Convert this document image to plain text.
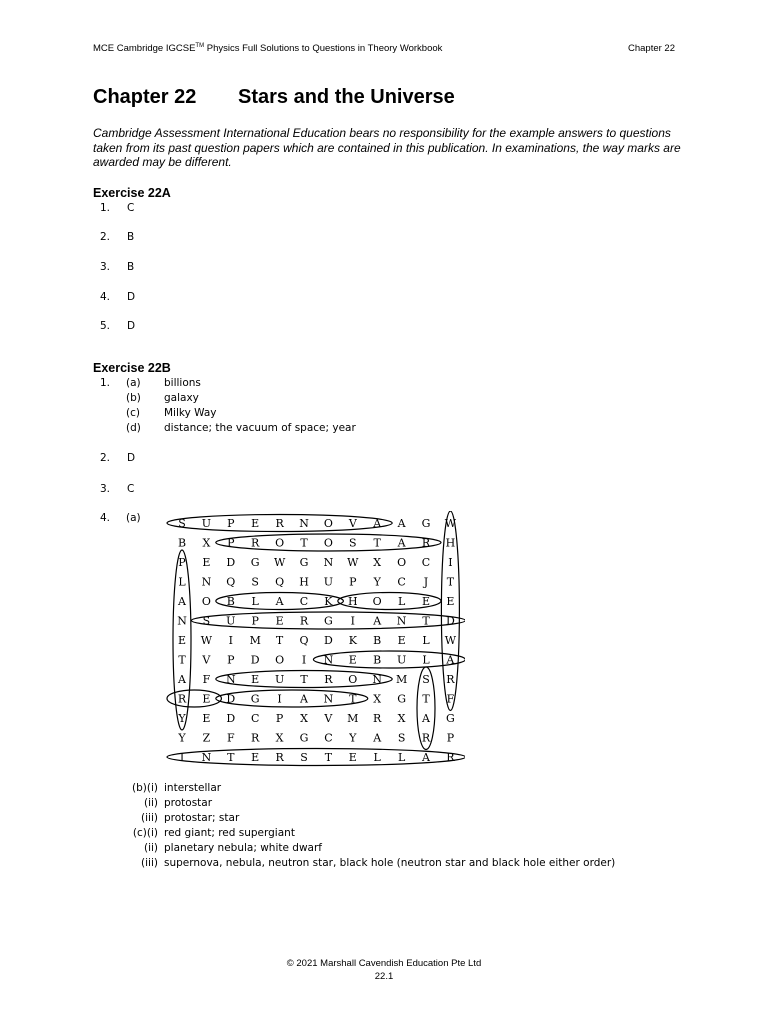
MCE Cambridge IGCSE™ Physics Full Solutions to Questions in Theory Workbook	Chapter 22
Chapter 22 Stars and the Universe

Cambridge Assessment International Education bears no responsibility for the example answers to questions taken from its past question papers which are contained in this publication. In examinations, the way marks are awarded may be different.

Exercise 22A
1. C
2. B
3. B
4. D
5. D
Exercise 22B
1. (a) billions
(b) galaxy
(c) Milky Way
(d) distance; the vacuum of space; year
2. D
3. C
4. (a)	S U P E R N O V A A G W
B X P R O T O S T A R H
P E D G W G N W X O C I
L N Q S Q H U P Y C J T
A O B L A C K H O L E E
N S U P E R G I A N T D
E W I M T Q D K B E L W
T V P D O I N E B U L A
A F N E U T R O N M S R
R E D G I A N T X G T F
Y E D C P X V M R X A G
Y Z F R X G C Y A S R P
I N T E R S T E L L A R
(b)(i) interstellar
(ii) protostar
(iii) protostar; star
(c)(i) red giant; red supergiant
(ii) planetary nebula; white dwarf
(iii) supernova, nebula, neutron star, black hole (neutron star and black hole either order)
© 2021 Marshall Cavendish Education Pte Ltd
22.1
